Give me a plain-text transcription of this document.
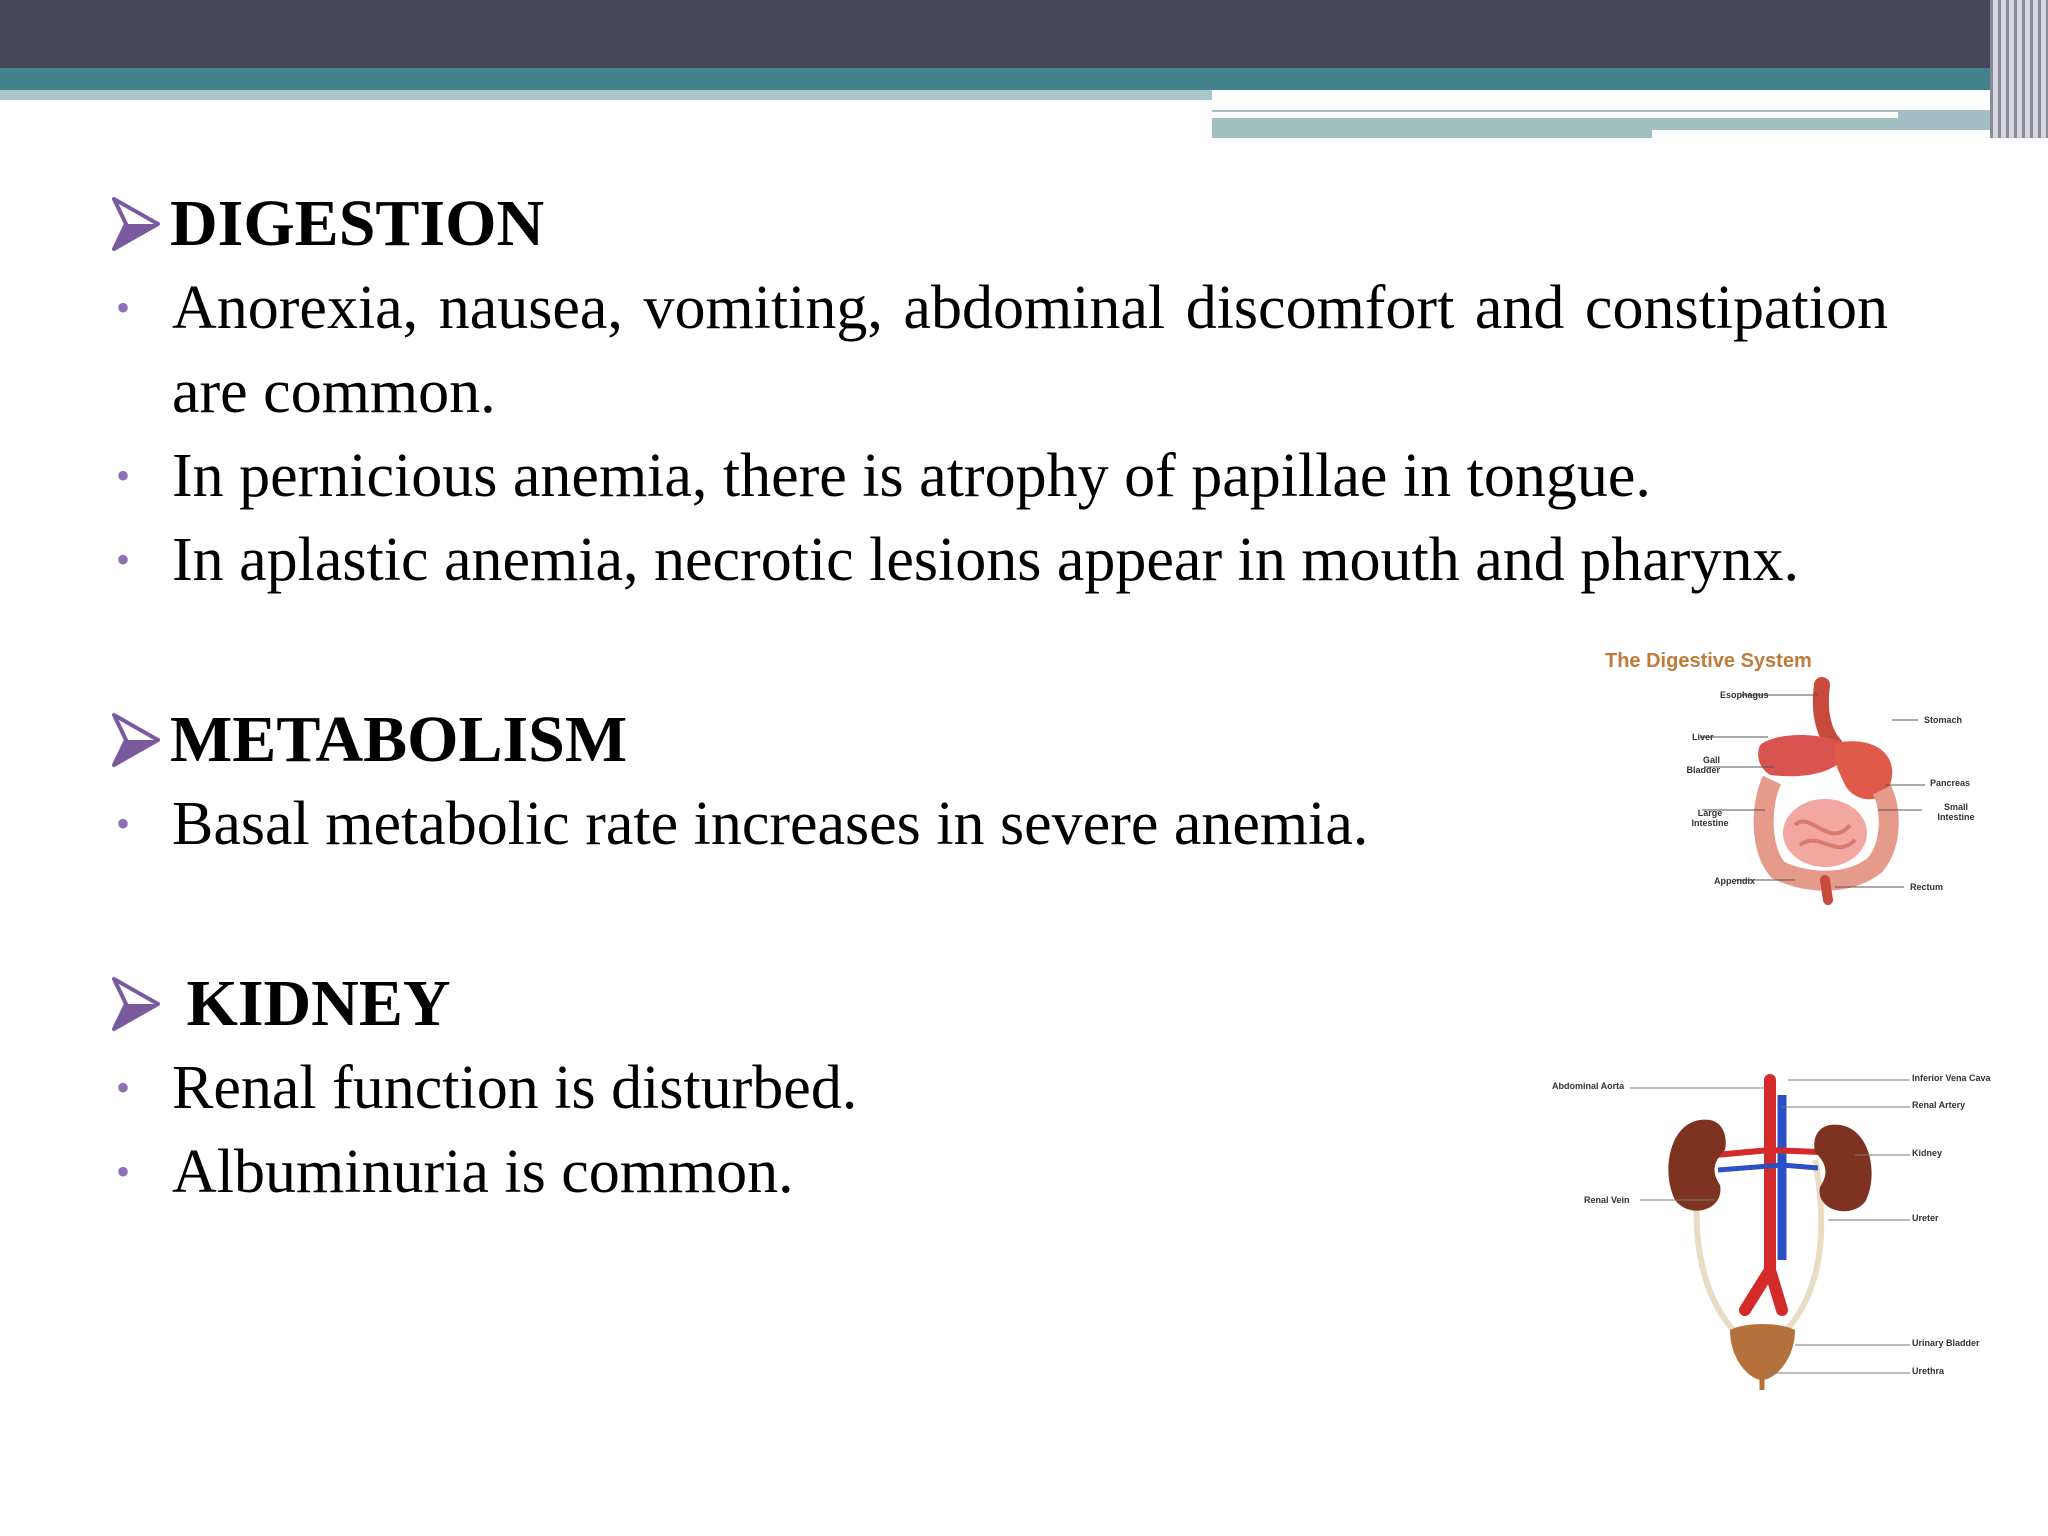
DIGESTION
• Anorexia, nausea, vomiting, abdominal discomfort and constipation are common.
• In pernicious anemia, there is atrophy of papillae in tongue.
• In aplastic anemia, necrotic lesions appear in mouth and pharynx.
METABOLISM
• Basal metabolic rate increases in severe anemia.
KIDNEY
• Renal function is disturbed.
• Albuminuria is common.
The Digestive System
Esophagus
Liver
Gall Bladder
Large Intestine
Appendix
Stomach
Pancreas
Small Intestine
Rectum
Abdominal Aorta
Renal Vein
Inferior Vena Cava
Renal Artery
Kidney
Ureter
Urinary Bladder
Urethra
